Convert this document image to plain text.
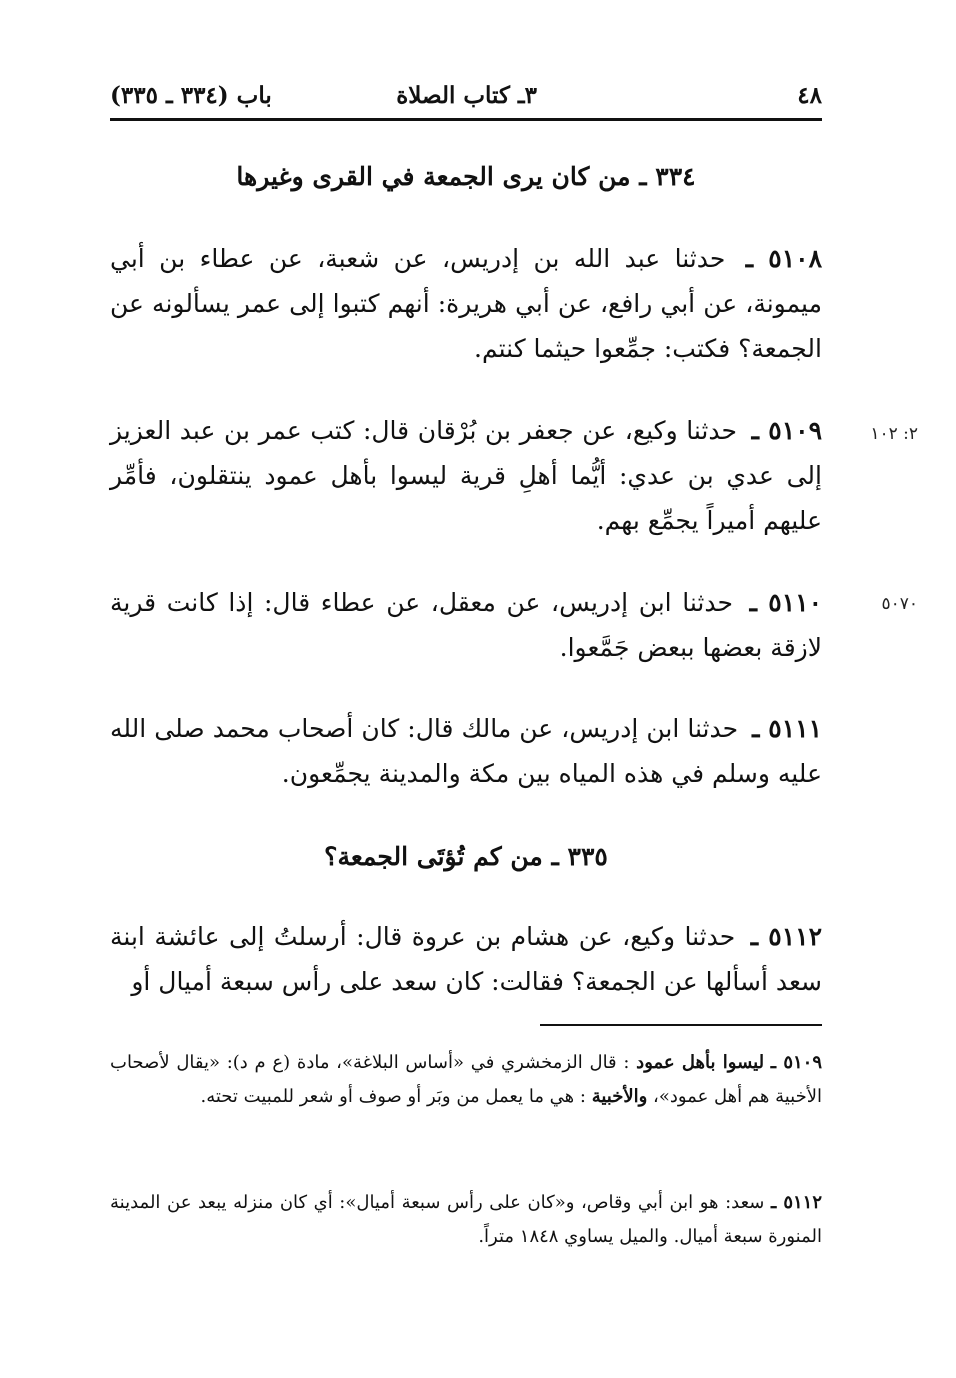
٤٨
٣ـ كتاب الصلاة
باب (٣٣٤ ـ ٣٣٥)
٣٣٤ ـ من كان يرى الجمعة في القرى وغيرها
٥١٠٨ ـ حدثنا عبد الله بن إدريس، عن شعبة، عن عطاء بن أبي ميمونة، عن أبي رافع، عن أبي هريرة: أنهم كتبوا إلى عمر يسألونه عن الجمعة؟ فكتب: جمِّعوا حيثما كنتم.
٢: ١٠٢
٥١٠٩ ـ حدثنا وكيع، عن جعفر بن بُرْقان قال: كتب عمر بن عبد العزيز إلى عدي بن عدي: أيُّما أهلِ قرية ليسوا بأهل عمود ينتقلون، فأمِّر عليهم أميراً يجمِّع بهم.
٥٠٧٠
٥١١٠ ـ حدثنا ابن إدريس، عن معقل، عن عطاء قال: إذا كانت قرية لازقة بعضها ببعض جَمَّعوا.
٥١١١ ـ حدثنا ابن إدريس، عن مالك قال: كان أصحاب محمد صلى الله عليه وسلم في هذه المياه بين مكة والمدينة يجمِّعون.
٣٣٥ ـ من كم تُؤتَى الجمعة؟
٥١١٢ ـ حدثنا وكيع، عن هشام بن عروة قال: أرسلتُ إلى عائشة ابنة سعد أسألها عن الجمعة؟ فقالت: كان سعد على رأس سبعة أميال أو
٥١٠٩ ـ ليسوا بأهل عمود : قال الزمخشري في «أساس البلاغة»، مادة (ع م د): «يقال لأصحاب الأخبية هم أهل عمود»، والأخبية : هي ما يعمل من وبَر أو صوف أو شعر للمبيت تحته.
٥١١٢ ـ سعد: هو ابن أبي وقاص، و«كان على رأس سبعة أميال»: أي كان منزله يبعد عن المدينة المنورة سبعة أميال. والميل يساوي ١٨٤٨ متراً.
